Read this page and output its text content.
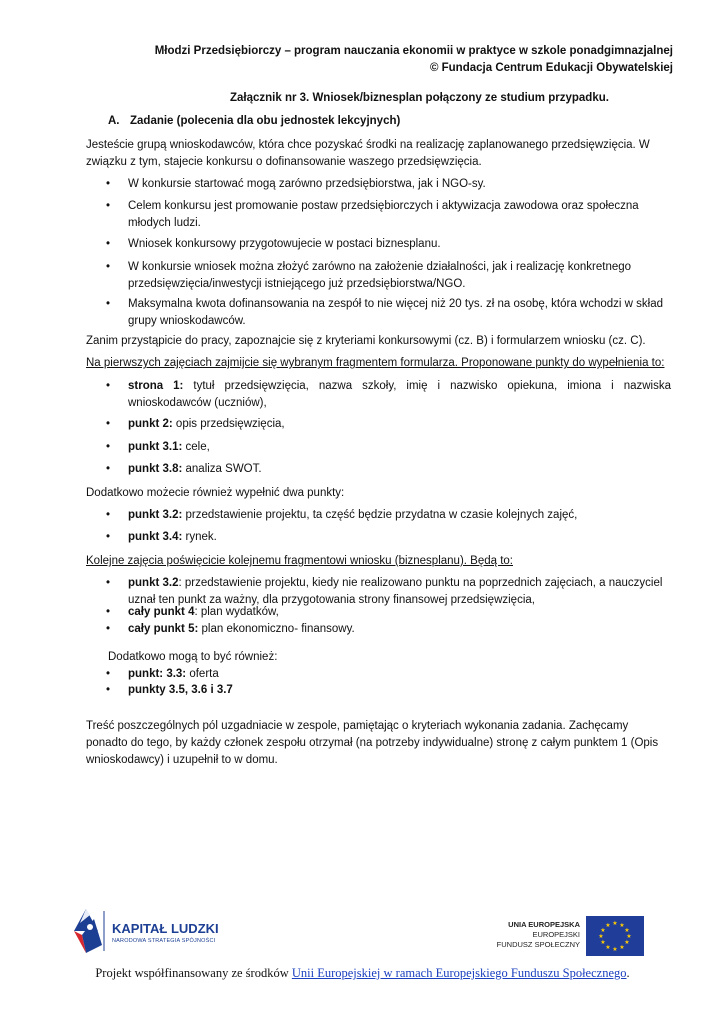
Młodzi Przedsiębiorczy – program nauczania ekonomii w praktyce w szkole ponadgimnazjalnej
© Fundacja Centrum Edukacji Obywatelskiej
Załącznik nr 3. Wniosek/biznesplan połączony ze studium przypadku.
A. Zadanie (polecenia dla obu jednostek lekcyjnych)
Jesteście grupą wnioskodawców, która chce pozyskać środki na realizację zaplanowanego przedsięwzięcia. W związku z tym, stajecie konkursu o dofinansowanie waszego przedsięwzięcia.
•	W konkursie startować mogą zarówno przedsiębiorstwa, jak i NGO-sy.
•	Celem konkursu jest promowanie postaw przedsiębiorczych i aktywizacja zawodowa oraz społeczna młodych ludzi.
•	Wniosek konkursowy przygotowujecie w postaci biznesplanu.
•	W konkursie wniosek można złożyć zarówno na założenie działalności, jak i realizację konkretnego przedsięwzięcia/inwestycji istniejącego już przedsiębiorstwa/NGO.
•	Maksymalna kwota dofinansowania na zespół to nie więcej niż 20 tys. zł na osobę, która wchodzi w skład grupy wnioskodawców.
Zanim przystąpicie do pracy, zapoznajcie się z kryteriami konkursowymi (cz. B) i formularzem wniosku (cz. C).
Na pierwszych zajęciach zajmijcie się wybranym fragmentem formularza. Proponowane punkty do wypełnienia to:
•	strona 1: tytuł przedsięwzięcia, nazwa szkoły, imię i nazwisko opiekuna, imiona i nazwiska wnioskodawców (uczniów),
•	punkt 2: opis przedsięwzięcia,
•	punkt 3.1: cele,
•	punkt 3.8: analiza SWOT.
Dodatkowo możecie również wypełnić dwa punkty:
•	punkt 3.2: przedstawienie projektu, ta część będzie przydatna w czasie kolejnych zajęć,
•	punkt 3.4: rynek.
Kolejne zajęcia poświęcicie kolejnemu fragmentowi wniosku (biznesplanu). Będą to:
•	punkt 3.2: przedstawienie projektu, kiedy nie realizowano punktu na poprzednich zajęciach, a nauczyciel uznał ten punkt za ważny, dla przygotowania strony finansowej przedsięwzięcia,
•	cały punkt 4: plan wydatków,
•	cały punkt 5: plan ekonomiczno- finansowy.
Dodatkowo mogą to być również:
•	punkt: 3.3: oferta
•	punkty 3.5, 3.6 i 3.7
Treść poszczególnych pól uzgadniacie w zespole, pamiętając o kryteriach wykonania zadania. Zachęcamy ponadto do tego, by każdy członek zespołu otrzymał (na potrzeby indywidualne) stronę z całym punktem 1 (Opis wnioskodawcy) i uzupełnił to w domu.
KAPITAŁ LUDZKI
NARODOWA STRATEGIA SPÓJNOŚCI
UNIA EUROPEJSKA
EUROPEJSKI
FUNDUSZ SPOŁECZNY
★ ★
★
★
★
★
★
★
★
★
★
★
Projekt współfinansowany ze środków Unii Europejskiej w ramach Europejskiego Funduszu Społecznego.
